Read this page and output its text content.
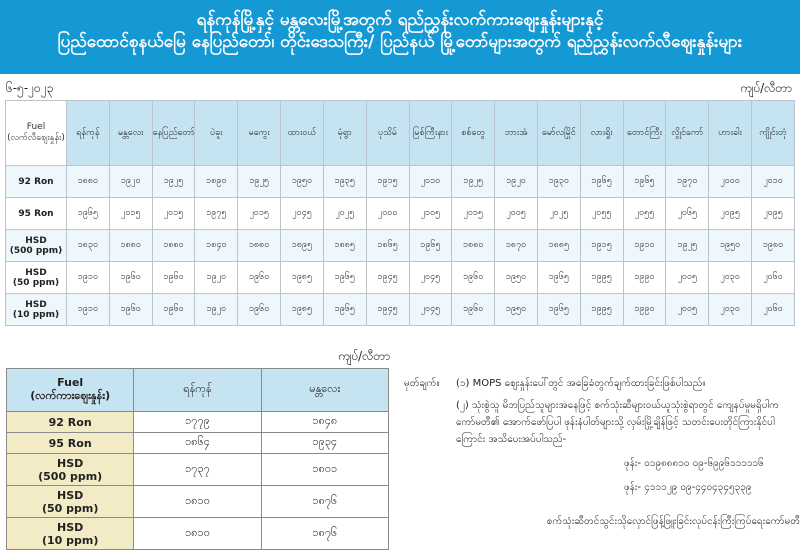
ရန်ကုန်မြို့နှင့် မန္တလေးမြို့အတွက် ရည်ညွှန်းလက်ကားဈေးနှုန်းများနှင့်
ပြည်ထောင်စုနယ်မြေ နေပြည်တော်၊ တိုင်းဒေသကြီး/ ပြည်နယ် မြို့တော်များအတွက် ရည်ညွှန်းလက်လီဈေးနှုန်းများ
၆-၅-၂၀၂၃	ကျပ်/လီတာ
Fuel
(လက်လီဈေးနှုန်း)	ရန်ကုန်	မန္တလေး	နေပြည်တော်	ပဲခူး	မကွေး	ထားဝယ်	မုံရွာ	ပုသိမ်	မြစ်ကြီးနား	စစ်တွေ	ဘားအံ	မော်လမြိုင်	လားရှိုး	တောင်ကြီး	လွိုင်ကော်	ဟားခါး	ကျိုင်းတုံ
92 Ron	၁၈၈၀	၁၉၂၀	၁၉၂၅	၁၈၉၀	၁၉၂၅	၁၉၅၀	၁၉၃၅	၁၉၁၅	၂၀၁၀	၁၉၂၅	၁၉၂၀	၁၉၃၀	၁၉၆၅	၁၉၆၅	၁၉၇၀	၂၀၀၀	၂၀၁၀
95 Ron	၁၉၆၅	၂၀၁၅	၂၀၁၅	၁၉၇၅	၂၀၁၅	၂၀၄၅	၂၀၂၅	၂၀၀၀	၂၁၀၅	၂၀၁၅	၂၀၀၅	၂၀၂၅	၂၀၅၅	၂၀၅၅	၂၀၆၅	၂၀၉၅	၂၀၉၅
HSD
(500 ppm)	၁၈၃၀	၁၈၈၀	၁၈၈၀	၁၈၄၀	၁၈၈၀	၁၈၉၅	၁၈၈၅	၁၈၆၅	၁၉၆၅	၁၈၈၀	၁၈၇၀	၁၈၈၅	၁၉၁၅	၁၉၁၀	၁၉၂၅	၁၉၅၀	၁၉၈၀
HSD
(50 ppm)	၁၉၁၀	၁၉၆၀	၁၉၆၀	၁၉၂၀	၁၉၆၀	၁၉၈၅	၁၉၆၅	၁၉၄၅	၂၀၄၅	၁၉၆၀	၁၉၅၀	၁၉၆၅	၁၉၉၅	၁၉၉၀	၂၀၀၅	၂၀၃၀	၂၀၆၀
HSD
(10 ppm)	၁၉၁၀	၁၉၆၀	၁၉၆၀	၁၉၂၀	၁၉၆၀	၁၉၈၅	၁၉၆၅	၁၉၄၅	၂၀၄၅	၁၉၆၀	၁၉၅၀	၁၉၆၅	၁၉၉၅	၁၉၉၀	၂၀၀၅	၂၀၃၀	၂၀၆၀
ကျပ်/လီတာ
Fuel
(လက်ကားဈေးနှုန်း)	ရန်ကုန်	မန္တလေး
92 Ron	၁၇၇၉	၁၈၄၈
95 Ron	၁၈၆၄	၁၉၃၄
HSD
(500 ppm)	၁၇၃၇	၁၈၀၁
HSD
(50 ppm)	၁၈၁၀	၁၈၇၆
HSD
(10 ppm)	၁၈၁၀	၁၈၇၆
မှတ်ချက်။ (၁) MOPS ဈေးနှုန်းပေါ်တွင် အခြေခံတွက်ချက်ထားခြင်းဖြစ်ပါသည်။
(၂) သုံးစွဲသူ မိဘပြည်သူများအနေဖြင့် စက်သုံးဆီများဝယ်ယူသုံးစွဲရာတွင် ကျေနပ်မှုမရှိပါက ကော်မတီ၏ အောက်ဖော်ပြပါ ဖုန်းနံပါတ်များသို့ လှမ်းမြို့ချိန်ဖြင့် သတင်းပေးတိုင်ကြားနိုင်ပါကြောင်း အသိပေးအပ်ပါသည်-
ဖုန်း- ၀၁၉၈၈၈၁၀ ၀၉-၆၉၉၆၁၁၁၁၁၆
ဖုန်း- ၄၁၁၁၂၉ ၀၉-၄၄၀၄၃၄၅၃၃၉
စက်သုံးဆီတင်သွင်းသိုလှောင်ဖြန့်ဖြူးခြင်းလုပ်ငန်းကြီးကြပ်ရေးကော်မတီ
